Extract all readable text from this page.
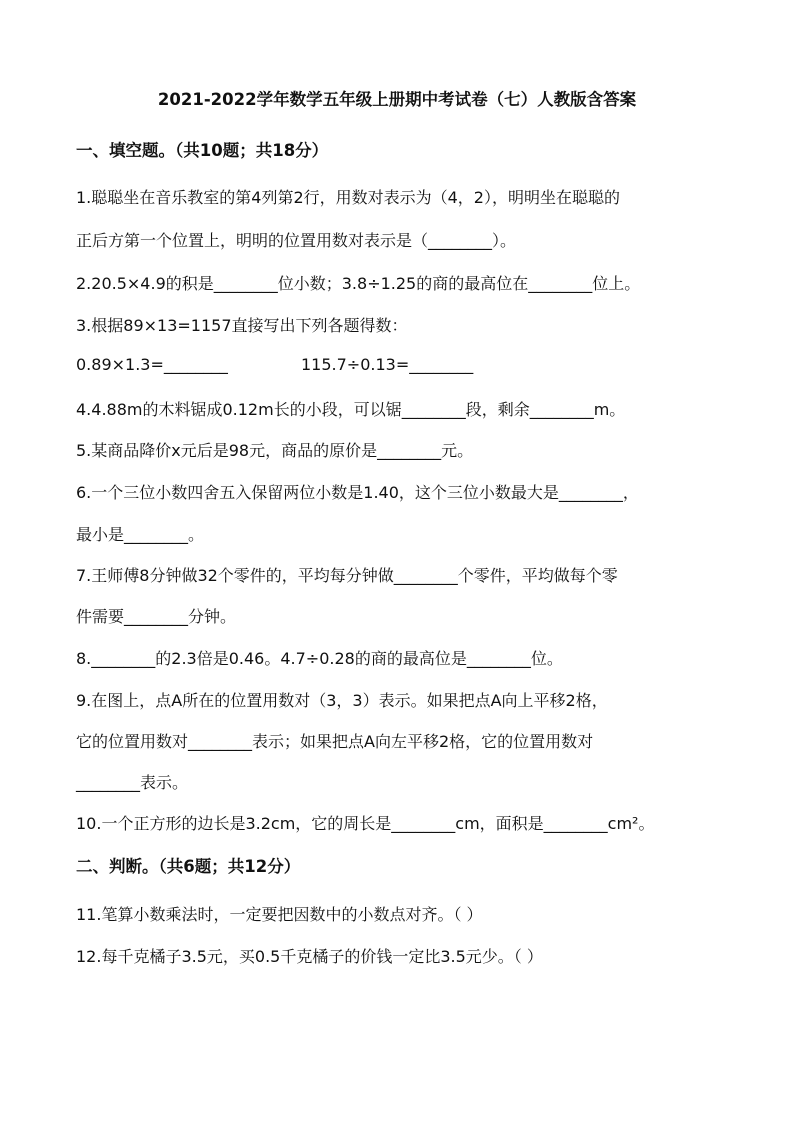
2021-2022学年数学五年级上册期中考试卷（七）人教版含答案
一、填空题。（共10题；共18分）
1.聪聪坐在音乐教室的第4列第2行，用数对表示为（4，2），明明坐在聪聪的
正后方第一个位置上，明明的位置用数对表示是（________）。
2.20.5×4.9的积是________位小数；3.8÷1.25的商的最高位在________位上。
3.根据89×13=1157直接写出下列各题得数：
0.89×1.3=________	115.7÷0.13=________
4.4.88m的木料锯成0.12m长的小段，可以锯________段，剩余________m。
5.某商品降价x元后是98元，商品的原价是________元。
6.一个三位小数四舍五入保留两位小数是1.40，这个三位小数最大是________，
最小是________。
7.王师傅8分钟做32个零件的，平均每分钟做________个零件，平均做每个零
件需要________分钟。
8.________的2.3倍是0.46。4.7÷0.28的商的最高位是________位。
9.在图上，点A所在的位置用数对（3，3）表示。如果把点A向上平移2格，
它的位置用数对________表示；如果把点A向左平移2格，它的位置用数对
________表示。
10.一个正方形的边长是3.2cm，它的周长是________cm，面积是________cm²。
二、判断。（共6题；共12分）
11.笔算小数乘法时，一定要把因数中的小数点对齐。（ ）
12.每千克橘子3.5元，买0.5千克橘子的价钱一定比3.5元少。（ ）
